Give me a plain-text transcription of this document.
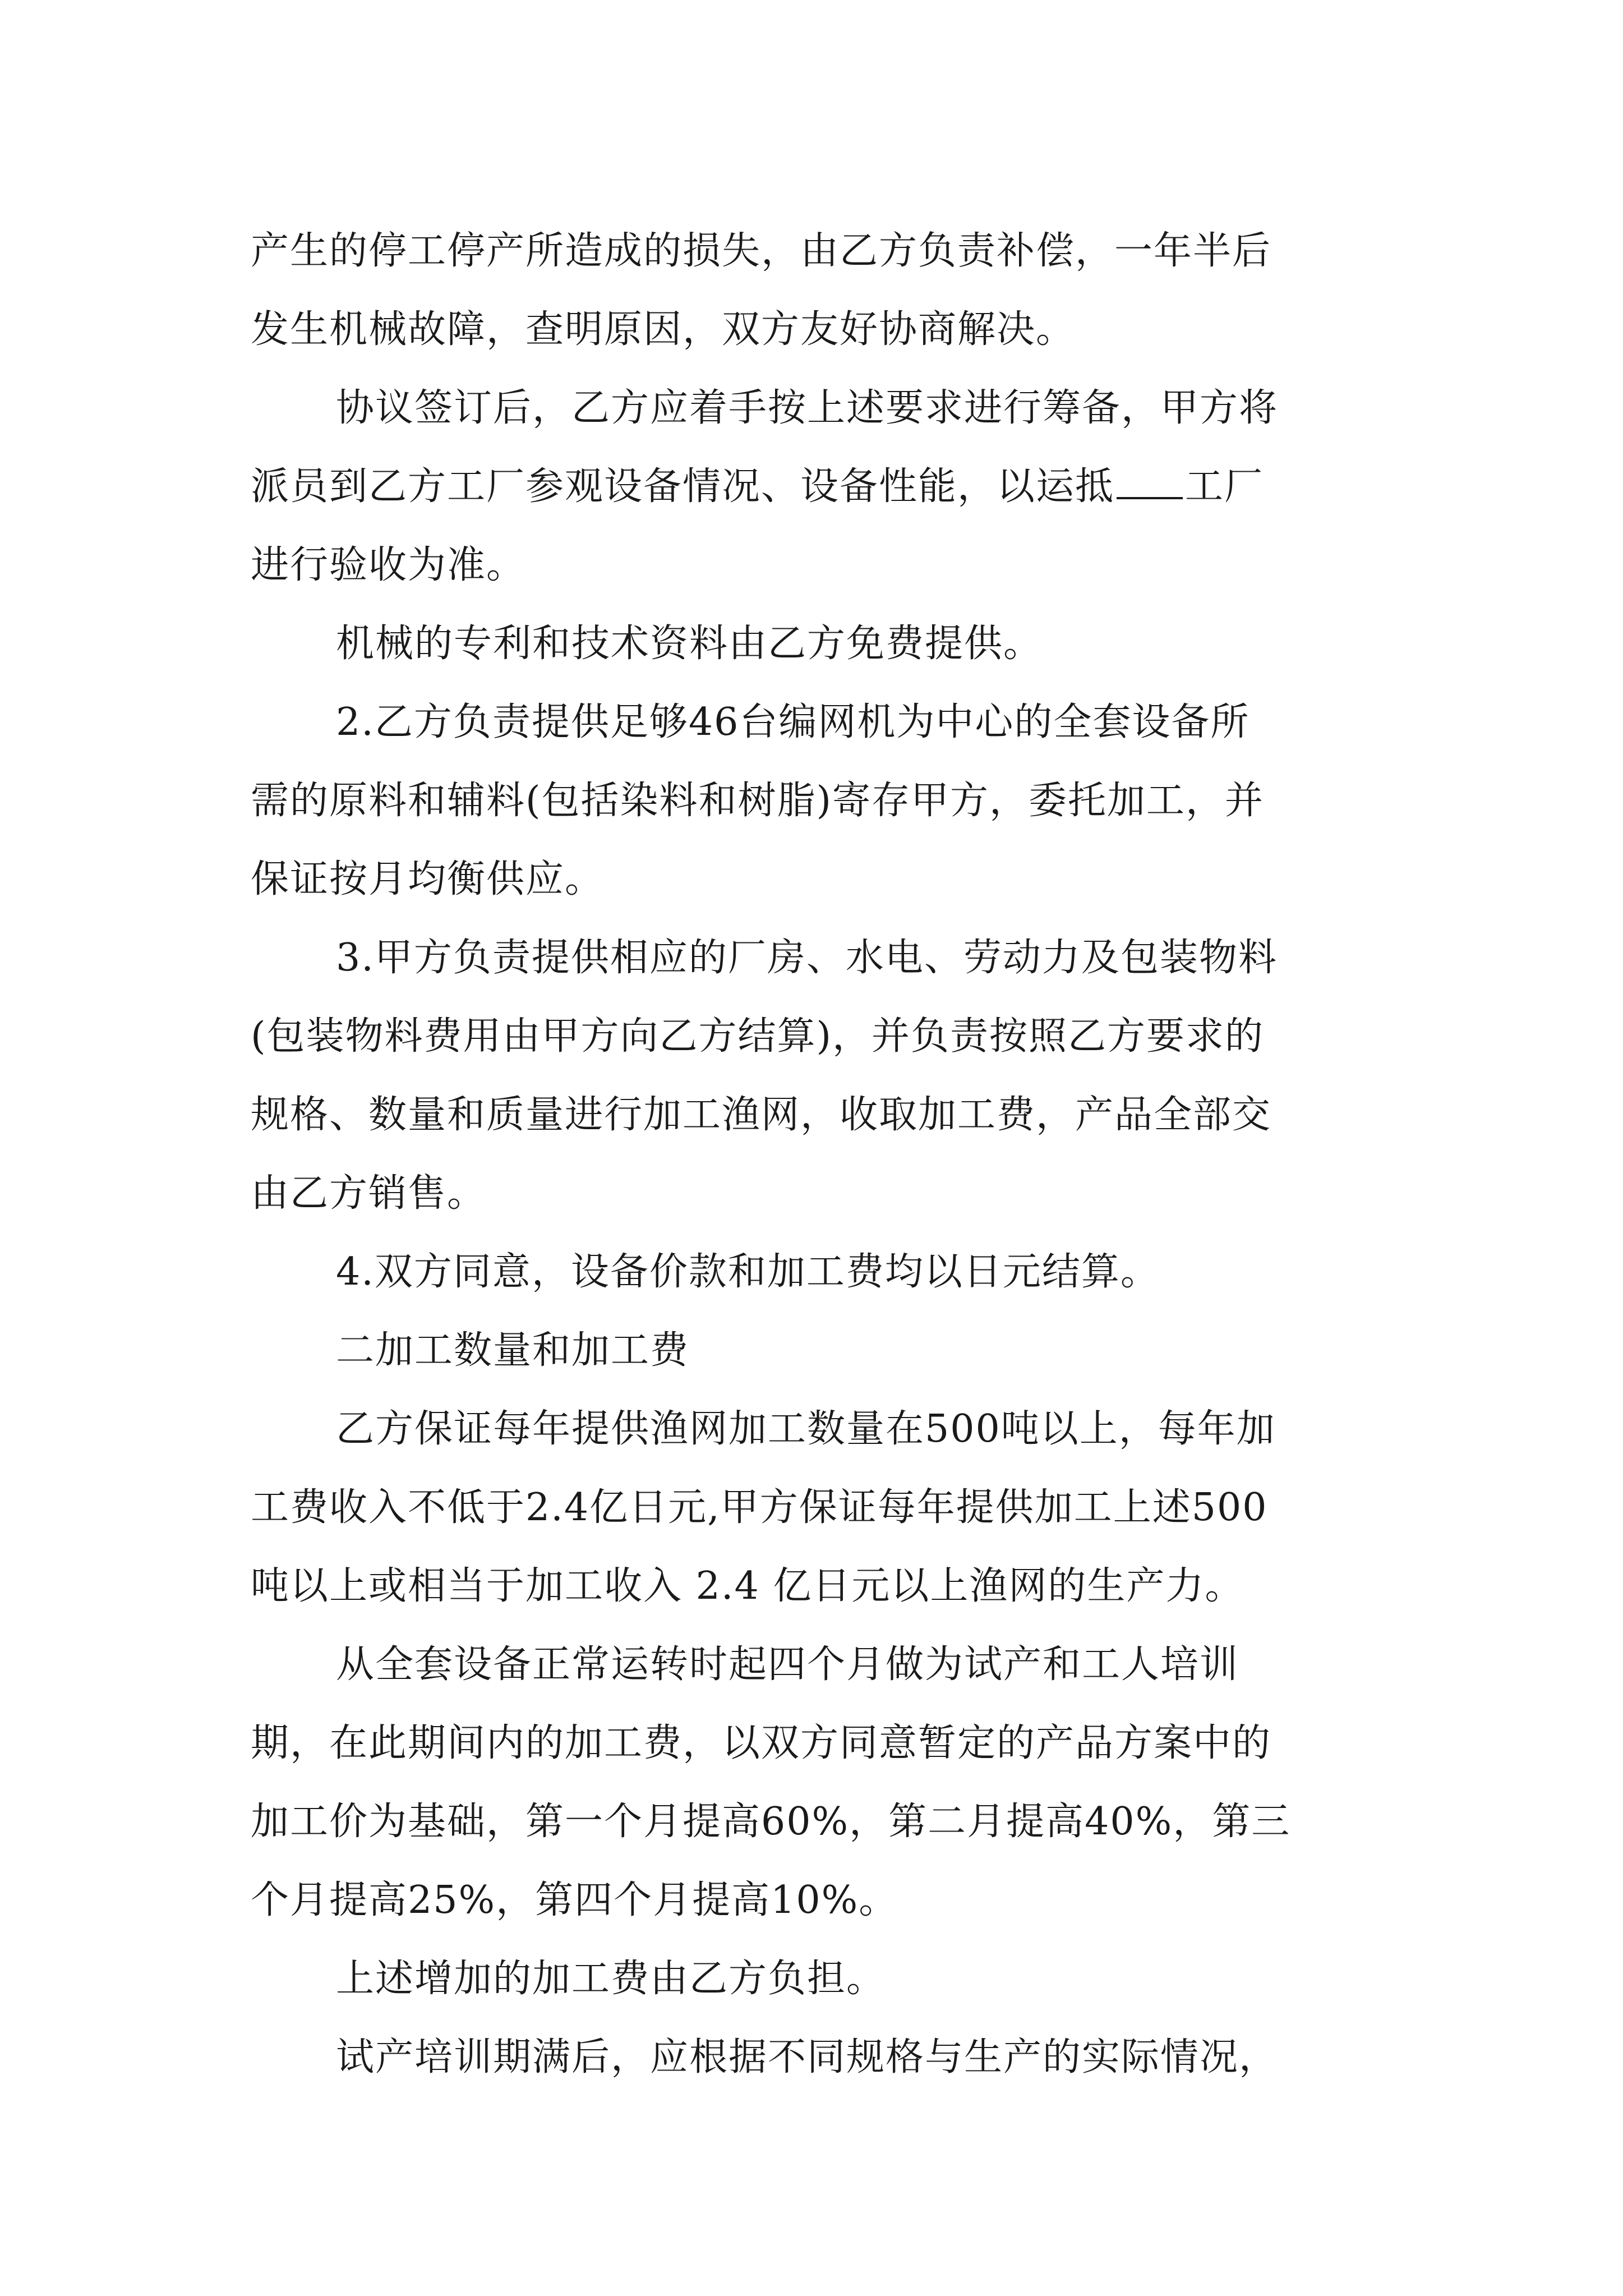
产生的停工停产所造成的损失，由乙方负责补偿，一年半后
发生机械故障，查明原因，双方友好协商解决。
协议签订后，乙方应着手按上述要求进行筹备，甲方将
派员到乙方工厂参观设备情况、设备性能，以运抵 工厂
进行验收为准。
机械的专利和技术资料由乙方免费提供。
2.乙方负责提供足够46台编网机为中心的全套设备所
需的原料和辅料(包括染料和树脂)寄存甲方，委托加工，并
保证按月均衡供应。
3.甲方负责提供相应的厂房、水电、劳动力及包装物料
(包装物料费用由甲方向乙方结算)，并负责按照乙方要求的
规格、数量和质量进行加工渔网，收取加工费，产品全部交
由乙方销售。
4.双方同意，设备价款和加工费均以日元结算。
二加工数量和加工费
乙方保证每年提供渔网加工数量在500吨以上，每年加
工费收入不低于2.4亿日元,甲方保证每年提供加工上述500
吨以上或相当于加工收入 2.4 亿日元以上渔网的生产力。
从全套设备正常运转时起四个月做为试产和工人培训
期，在此期间内的加工费，以双方同意暂定的产品方案中的
加工价为基础，第一个月提高60%，第二月提高40%，第三
个月提高25%，第四个月提高10%。
上述增加的加工费由乙方负担。
试产培训期满后，应根据不同规格与生产的实际情况，
